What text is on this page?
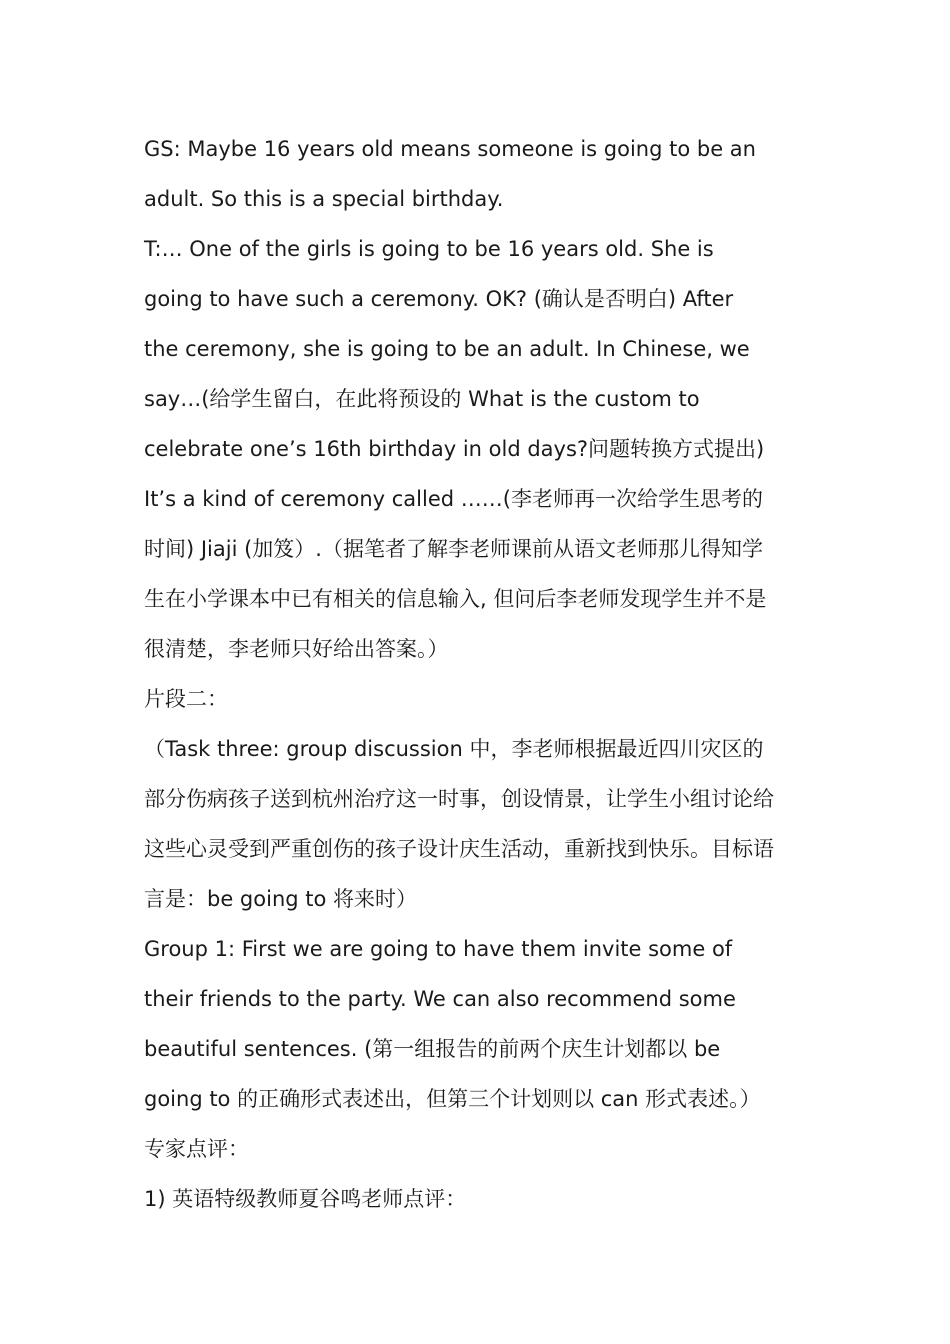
GS: Maybe 16 years old means someone is going to be an
adult. So this is a special birthday.
T:… One of the girls is going to be 16 years old. She is
going to have such a ceremony. OK? (确认是否明白) After
the ceremony, she is going to be an adult. In Chinese, we
say…(给学生留白，在此将预设的 What is the custom to
celebrate one’s 16th birthday in old days?问题转换方式提出)
It’s a kind of ceremony called ……(李老师再一次给学生思考的
时间) Jiaji (加笈）.（据笔者了解李老师课前从语文老师那儿得知学
生在小学课本中已有相关的信息输入, 但问后李老师发现学生并不是
很清楚，李老师只好给出答案。）
片段二：
（Task three: group discussion 中，李老师根据最近四川灾区的
部分伤病孩子送到杭州治疗这一时事，创设情景，让学生小组讨论给
这些心灵受到严重创伤的孩子设计庆生活动，重新找到快乐。目标语
言是：be going to 将来时）
Group 1: First we are going to have them invite some of
their friends to the party. We can also recommend some
beautiful sentences. (第一组报告的前两个庆生计划都以 be
going to 的正确形式表述出，但第三个计划则以 can 形式表述。）
专家点评：
1) 英语特级教师夏谷鸣老师点评：
